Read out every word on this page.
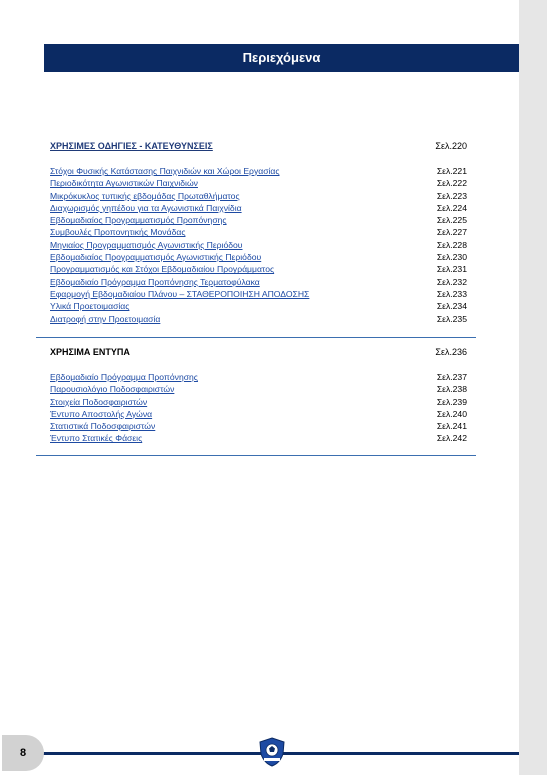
Περιεχόμενα
ΧΡΗΣΙΜΕΣ ΟΔΗΓΙΕΣ - ΚΑΤΕΥΘΥΝΣΕΙΣ	Σελ.220
Στόχοι Φυσικής Κατάστασης Παιχνιδιών και Χώροι Εργασίας	Σελ.221
Περιοδικότητα Αγωνιστικών Παιχνιδιών	Σελ.222
Μικρόκυκλος τυπικής εβδομάδας Πρωταθλήματος	Σελ.223
Διαχωρισμός γηπέδου για τα Αγωνιστικά Παιχνίδια	Σελ.224
Εβδομαδιαίος Προγραμματισμός Προπόνησης	Σελ.225
Συμβουλές Προπονητικής Μονάδας	Σελ.227
Μηνιαίος Προγραμματισμός Αγωνιστικής Περιόδου	Σελ.228
Εβδομαδιαίος Προγραμματισμός Αγωνιστικής Περιόδου	Σελ.230
Προγραμματισμός και Στόχοι Εβδομαδιαίου Προγράμματος	Σελ.231
Εβδομαδιαίο Πρόγραμμα Προπόνησης Τερματοφύλακα	Σελ.232
Εφαρμογή Εβδομαδιαίου Πλάνου – ΣΤΑΘΕΡΟΠΟΙΗΣΗ ΑΠΟΔΟΣΗΣ	Σελ.233
Υλικά Προετοιμασίας	Σελ.234
Διατροφή στην Προετοιμασία	Σελ.235
ΧΡΗΣΙΜΑ ΕΝΤΥΠΑ	Σελ.236
Εβδομαδιαίο Πρόγραμμα Προπόνησης	Σελ.237
Παρουσιολόγιο Ποδοσφαιριστών	Σελ.238
Στοιχεία Ποδοσφαιριστών	Σελ.239
Έντυπο Αποστολής Αγώνα	Σελ.240
Στατιστικά Ποδοσφαιριστών	Σελ.241
Έντυπο Στατικές Φάσεις	Σελ.242
8
